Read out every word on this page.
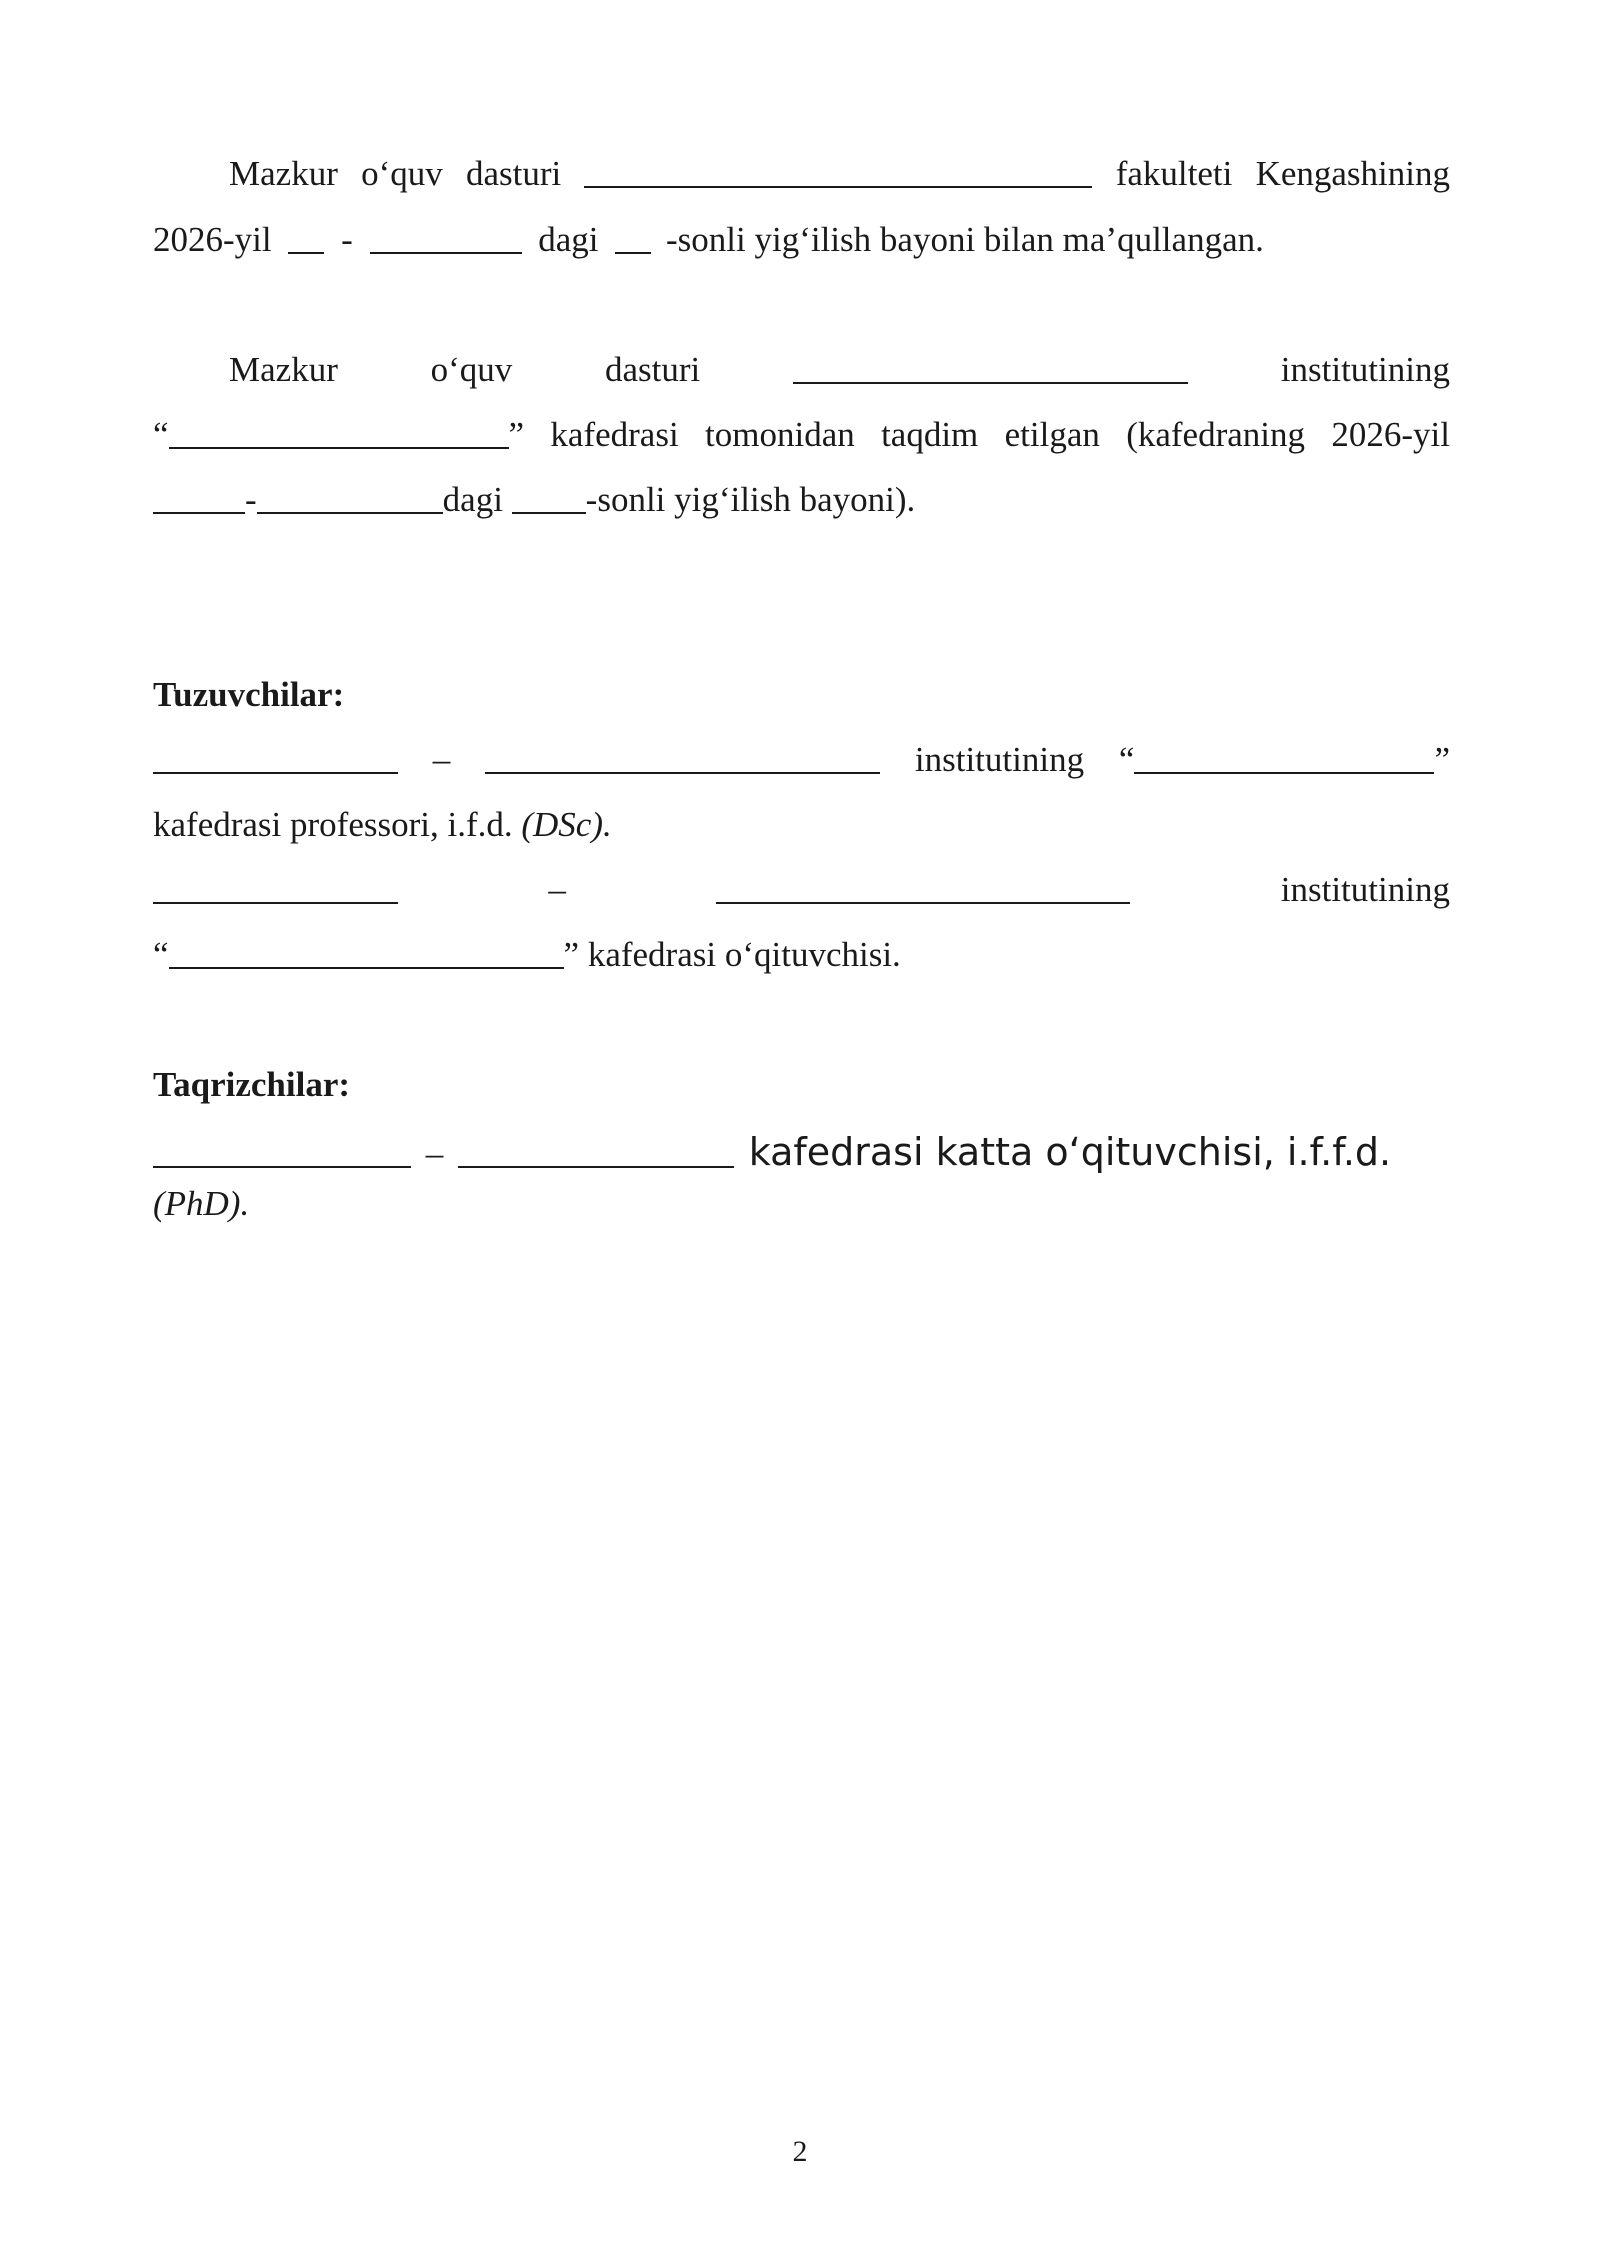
Mazkur o‘quv dasturi	fakulteti Kengashining
2026-yil -	dagi -sonli yig‘ilish bayoni bilan ma’qullangan.
Mazkur	o‘quv	dasturi	institutining
“	” kafedrasi tomonidan taqdim etilgan (kafedraning 2026-yil
-	dagi -sonli yig‘ilish bayoni).
Tuzuvchilar:
–	institutining “	”
kafedrasi professori, i.f.d. (DSc).
–	institutining
“	” kafedrasi o‘qituvchisi.
Taqrizchilar:
–	kafedrasi katta o‘qituvchisi, i.f.f.d.
(PhD).
2
